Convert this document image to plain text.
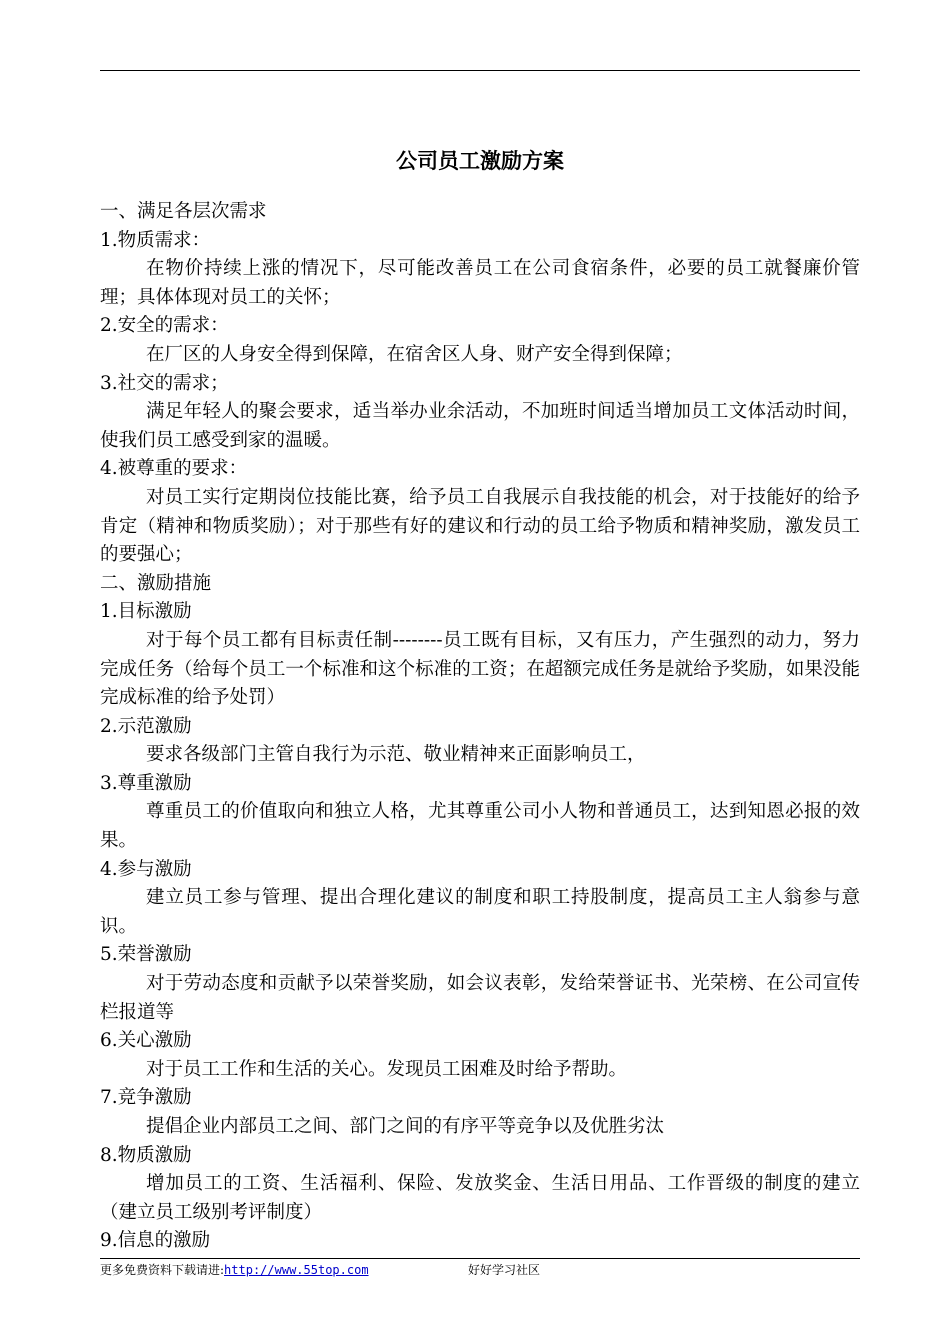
公司员工激励方案
一、满足各层次需求
1.物质需求：
在物价持续上涨的情况下，尽可能改善员工在公司食宿条件，必要的员工就餐廉价管理；具体体现对员工的关怀；
2.安全的需求：
在厂区的人身安全得到保障，在宿舍区人身、财产安全得到保障；
3.社交的需求；
满足年轻人的聚会要求，适当举办业余活动，不加班时间适当增加员工文体活动时间，使我们员工感受到家的温暖。
4.被尊重的要求：
对员工实行定期岗位技能比赛，给予员工自我展示自我技能的机会，对于技能好的给予肯定（精神和物质奖励）；对于那些有好的建议和行动的员工给予物质和精神奖励，激发员工的要强心；
二、激励措施
1.目标激励
对于每个员工都有目标责任制--------员工既有目标，又有压力，产生强烈的动力，努力完成任务（给每个员工一个标准和这个标准的工资；在超额完成任务是就给予奖励，如果没能完成标准的给予处罚）
2.示范激励
要求各级部门主管自我行为示范、敬业精神来正面影响员工，
3.尊重激励
尊重员工的价值取向和独立人格，尤其尊重公司小人物和普通员工，达到知恩必报的效果。
4.参与激励
建立员工参与管理、提出合理化建议的制度和职工持股制度，提高员工主人翁参与意识。
5.荣誉激励
对于劳动态度和贡献予以荣誉奖励，如会议表彰，发给荣誉证书、光荣榜、在公司宣传栏报道等
6.关心激励
对于员工工作和生活的关心。发现员工困难及时给予帮助。
7.竞争激励
提倡企业内部员工之间、部门之间的有序平等竞争以及优胜劣汰
8.物质激励
增加员工的工资、生活福利、保险、发放奖金、生活日用品、工作晋级的制度的建立（建立员工级别考评制度）
9.信息的激励
更多免费资料下载请进:http://www.55top.com	好好学习社区
